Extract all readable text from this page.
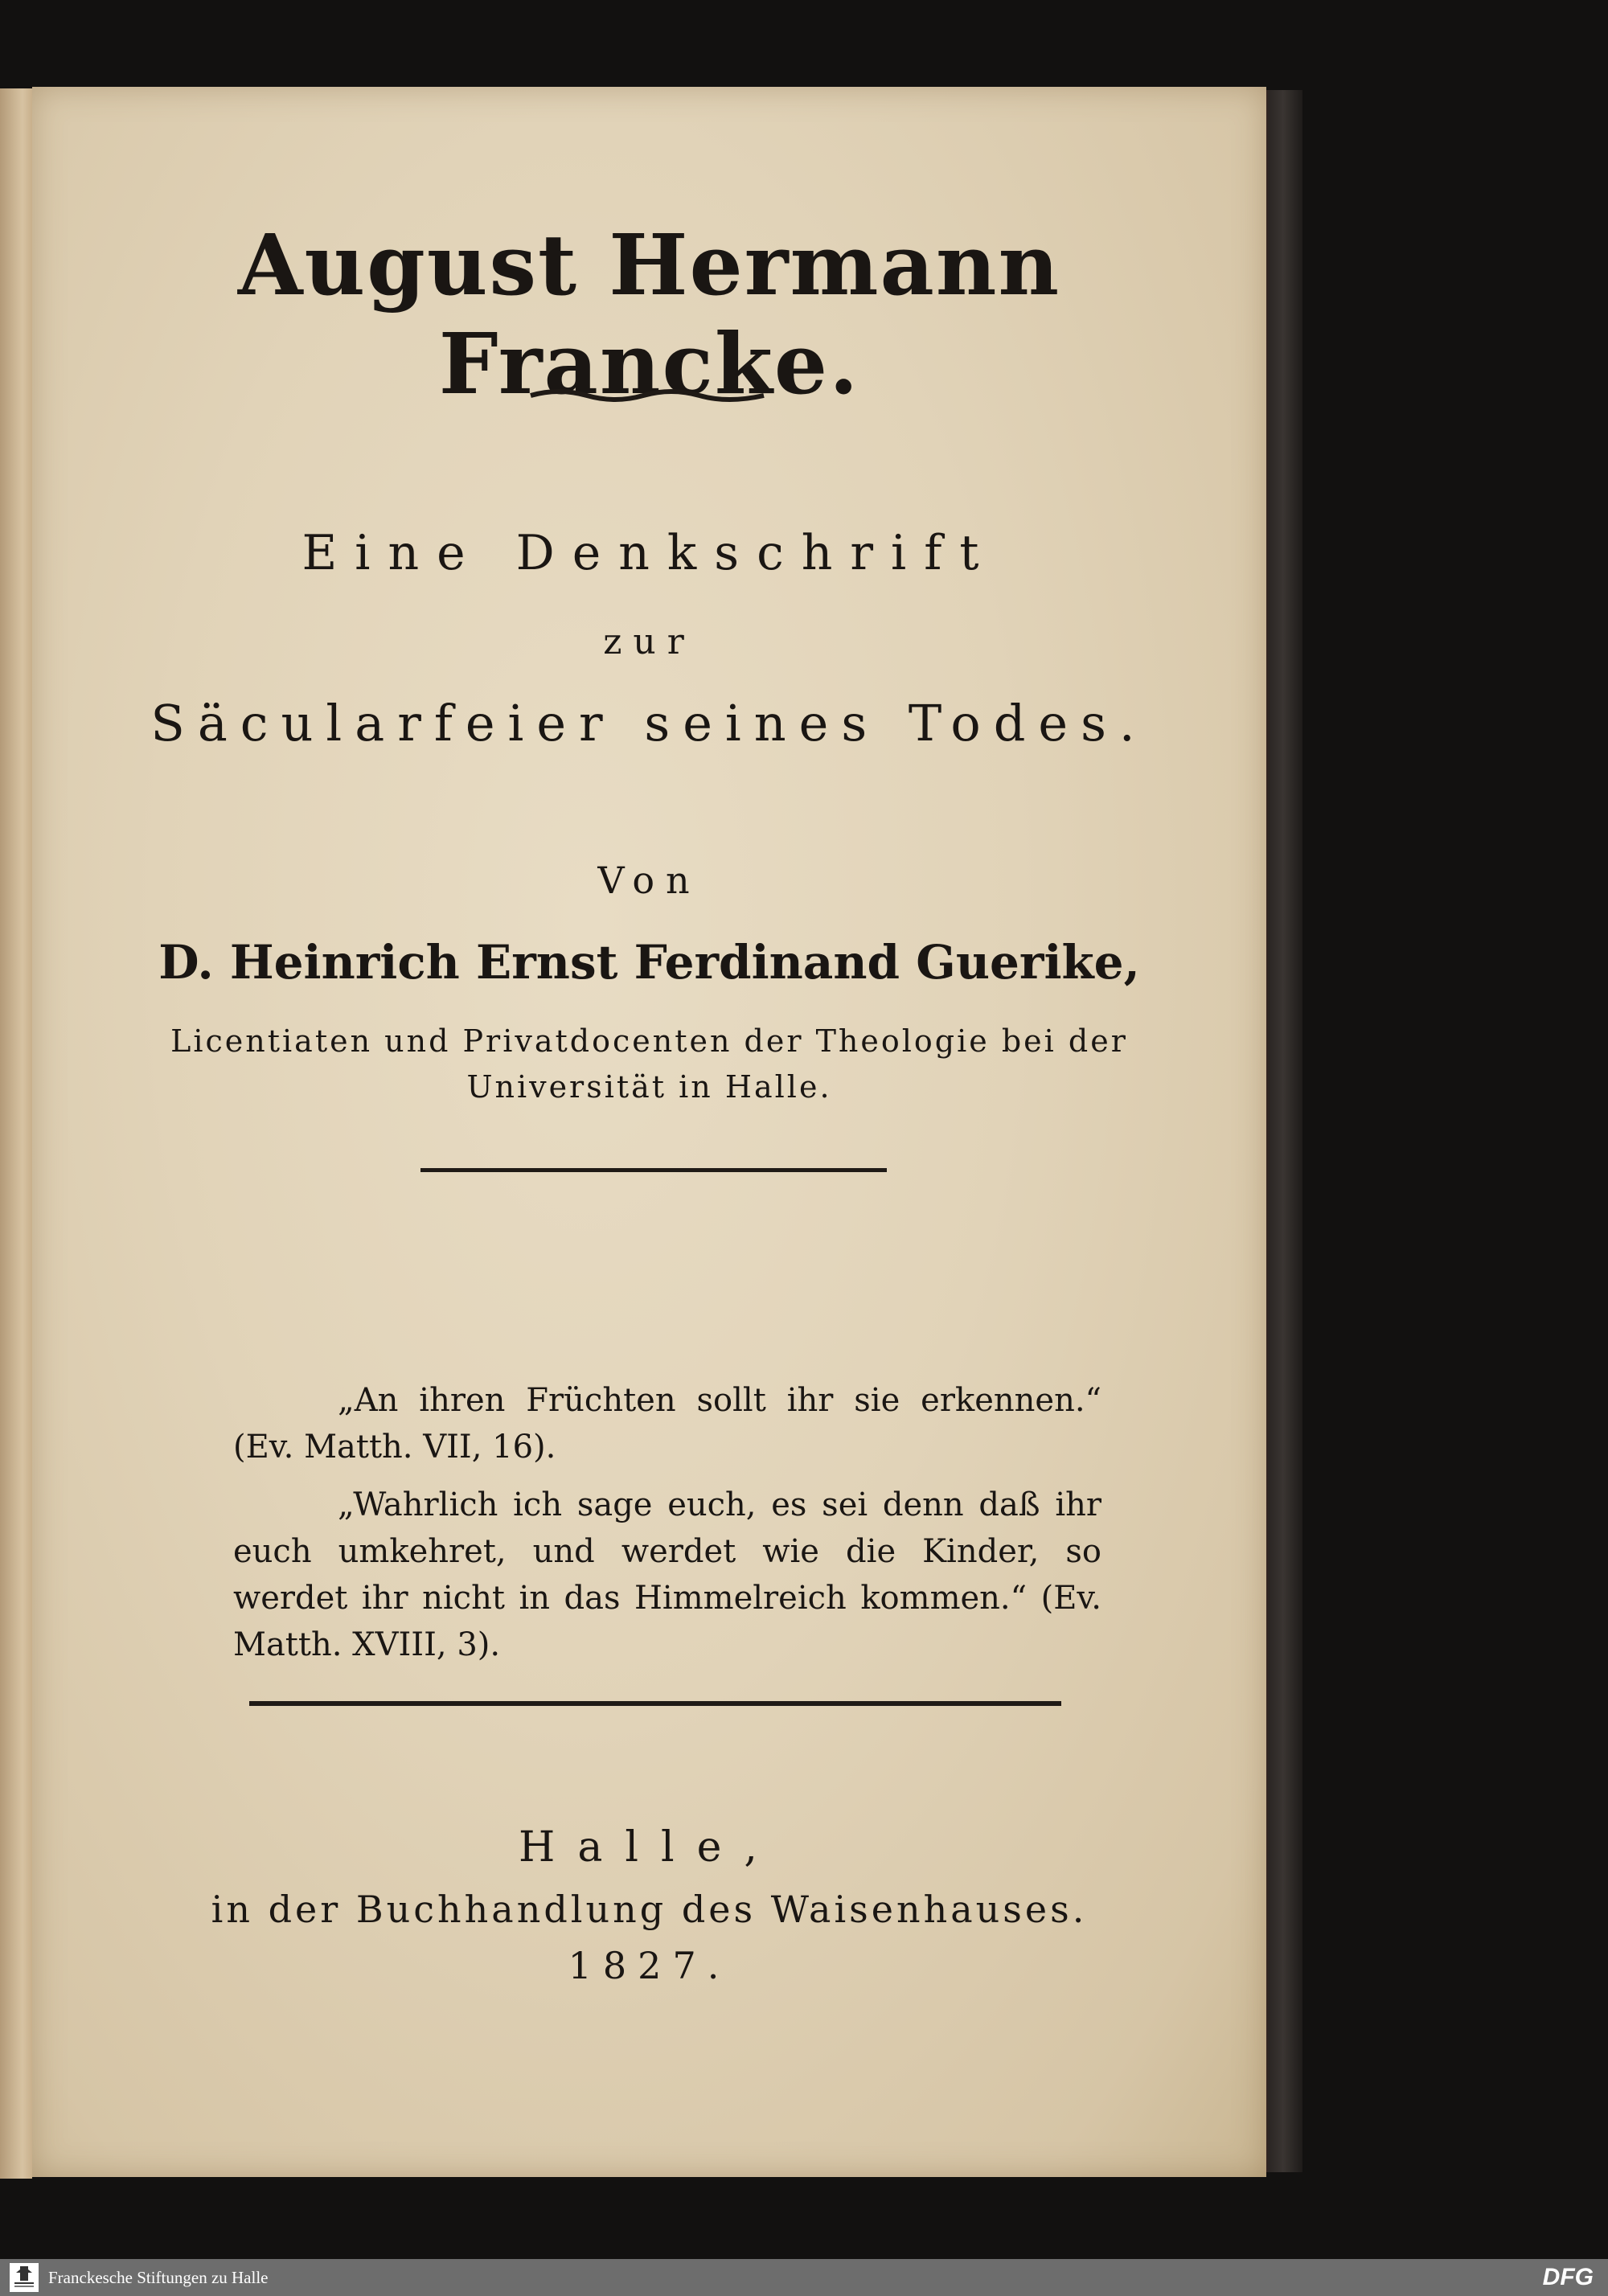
August Hermann Francke.
Eine Denkschrift
zur
Säcularfeier seines Todes.
Von
D. Heinrich Ernst Ferdinand Guerike,
Licentiaten und Privatdocenten der Theologie bei der
Universität in Halle.
„An ihren Früchten sollt ihr sie erkennen.“ (Ev. Matth. VII, 16).
„Wahrlich ich sage euch, es sei denn daß ihr euch umkehret, und werdet wie die Kinder, so werdet ihr nicht in das Himmelreich kommen.“ (Ev. Matth. XVIII, 3).
Halle,
in der Buchhandlung des Waisenhauses.
1827.
Franckesche Stiftungen zu Halle	DFG
